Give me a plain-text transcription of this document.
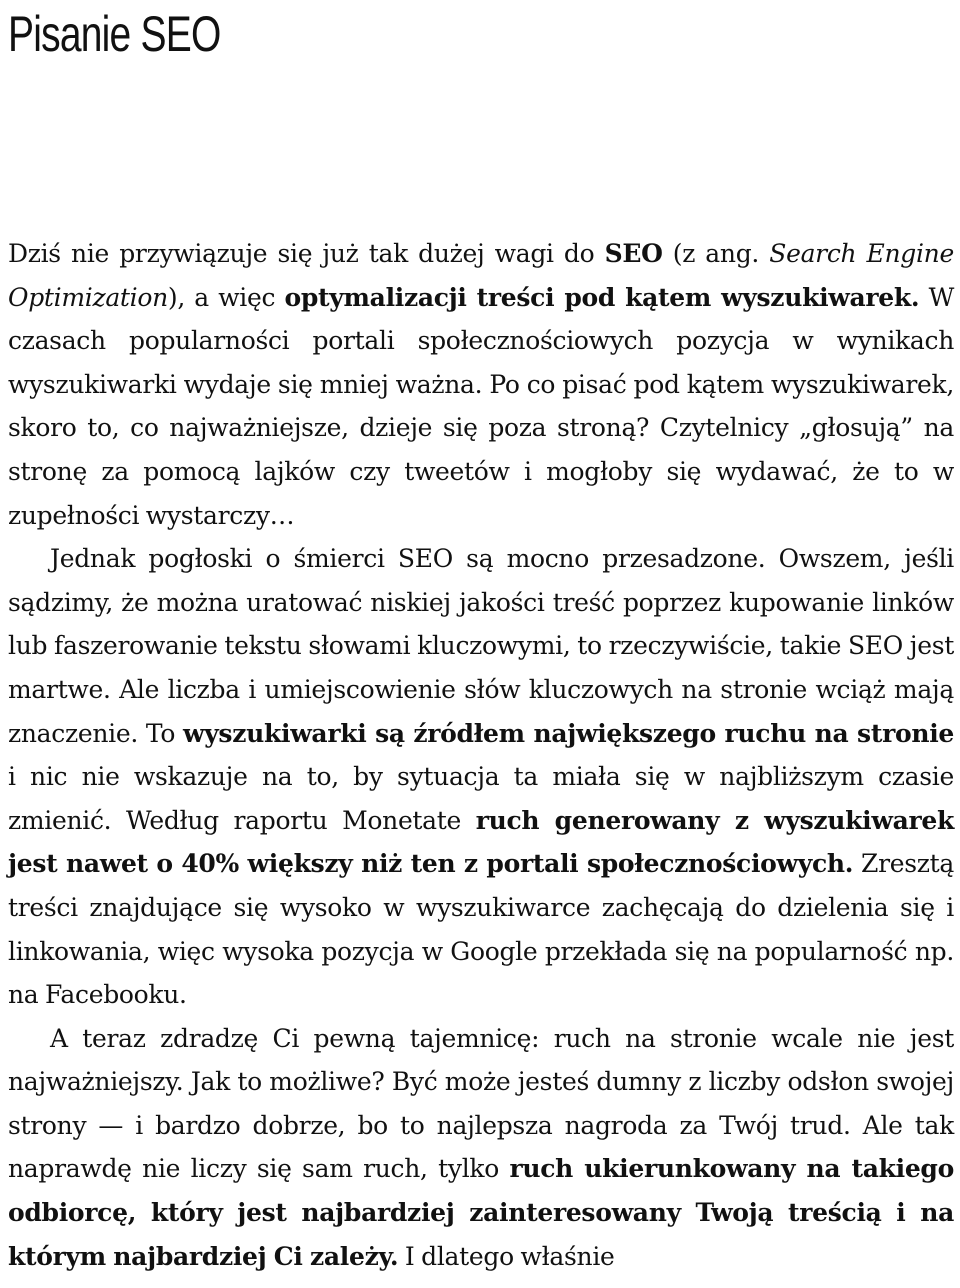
Pisanie SEO

Dziś nie przywiązuje się już tak dużej wagi do SEO (z ang. Search Engine Optimization), a więc optymalizacji treści pod kątem wyszukiwarek. W czasach popularności portali społecznościowych pozycja w wynikach wyszukiwarki wydaje się mniej ważna. Po co pisać pod kątem wyszukiwarek, skoro to, co najważniejsze, dzieje się poza stroną? Czytelnicy „głosują” na stronę za pomocą lajków czy tweetów i mogłoby się wydawać, że to w zupełności wystarczy…

Jednak pogłoski o śmierci SEO są mocno przesadzone. Owszem, jeśli sądzimy, że można uratować niskiej jakości treść poprzez kupowanie linków lub faszerowanie tekstu słowami kluczowymi, to rzeczywiście, takie SEO jest martwe. Ale liczba i umiejscowienie słów kluczowych na stronie wciąż mają znaczenie. To wyszukiwarki są źródłem największego ruchu na stronie i nic nie wskazuje na to, by sytuacja ta miała się w najbliższym czasie zmienić. Według raportu Monetate ruch generowany z wyszukiwarek jest nawet o 40% większy niż ten z portali społecznościowych. Zresztą treści znajdujące się wysoko w wyszukiwarce zachęcają do dzielenia się i linkowania, więc wysoka pozycja w Google przekłada się na popularność np. na Facebooku.

A teraz zdradzę Ci pewną tajemnicę: ruch na stronie wcale nie jest najważniejszy. Jak to możliwe? Być może jesteś dumny z liczby odsłon swojej strony — i bardzo dobrze, bo to najlepsza nagroda za Twój trud. Ale tak naprawdę nie liczy się sam ruch, tylko ruch ukierunkowany na takiego odbiorcę, który jest najbardziej zainteresowany Twoją treścią i na którym najbardziej Ci zależy. I dlatego właśnie
